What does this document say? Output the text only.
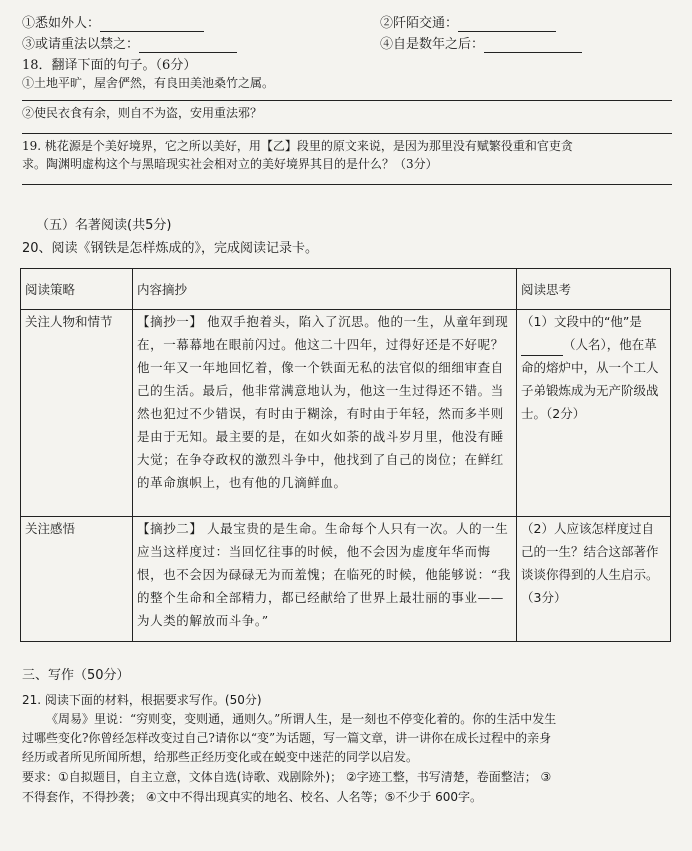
①悉如外人：	②阡陌交通：
③或请重法以禁之：	④自是数年之后：
18．翻译下面的句子。（6分）
①土地平旷，屋舍俨然，有良田美池桑竹之属。
②使民衣食有余，则自不为盗，安用重法邪？
19. 桃花源是个美好境界，它之所以美好，用【乙】段里的原文来说，是因为那里没有赋繁役重和官吏贪
求。陶渊明虚构这个与黑暗现实社会相对立的美好境界其目的是什么？（3分）
（五）名著阅读(共5分)
20、阅读《钢铁是怎样炼成的》，完成阅读记录卡。
阅读策略	内容摘抄	阅读思考
关注人物和情节	【摘抄一】 他双手抱着头，陷入了沉思。他的一生，从童年到现在，一幕幕地在眼前闪过。他这二十四年，过得好还是不好呢？他一年又一年地回忆着，像一个铁面无私的法官似的细细审查自己的生活。最后，他非常满意地认为，他这一生过得还不错。当然也犯过不少错误，有时由于糊涂，有时由于年轻，然而多半则是由于无知。最主要的是，在如火如荼的战斗岁月里，他没有睡大觉；在争夺政权的激烈斗争中，他找到了自己的岗位；在鲜红的革命旗帜上，也有他的几滴鲜血。	（1）文段中的“他”是（人名），他在革命的熔炉中，从一个工人子弟锻炼成为无产阶级战士。（2分）
关注感悟	【摘抄二】 人最宝贵的是生命。生命每个人只有一次。人的一生应当这样度过：当回忆往事的时候，他不会因为虚度年华而悔恨，也不会因为碌碌无为而羞愧；在临死的时候，他能够说：“我的整个生命和全部精力，都已经献给了世界上最壮丽的事业——为人类的解放而斗争。”	（2）人应该怎样度过自己的一生？结合这部著作谈谈你得到的人生启示。（3分）
三、写作（50分）
21. 阅读下面的材料，根据要求写作。(50分)
《周易》里说：“穷则变，变则通，通则久。”所谓人生，是一刻也不停变化着的。你的生活中发生
过哪些变化?你曾经怎样改变过自己?请你以“变”为话题，写一篇文章，讲一讲你在成长过程中的亲身
经历或者所见所闻所想，给那些正经历变化或在蜕变中迷茫的同学以启发。
要求：①自拟题目，自主立意，文体自选(诗歌、戏剧除外)； ②字迹工整，书写清楚，卷面整洁； ③
不得套作，不得抄袭； ④文中不得出现真实的地名、校名、人名等；⑤不少于 600字。
